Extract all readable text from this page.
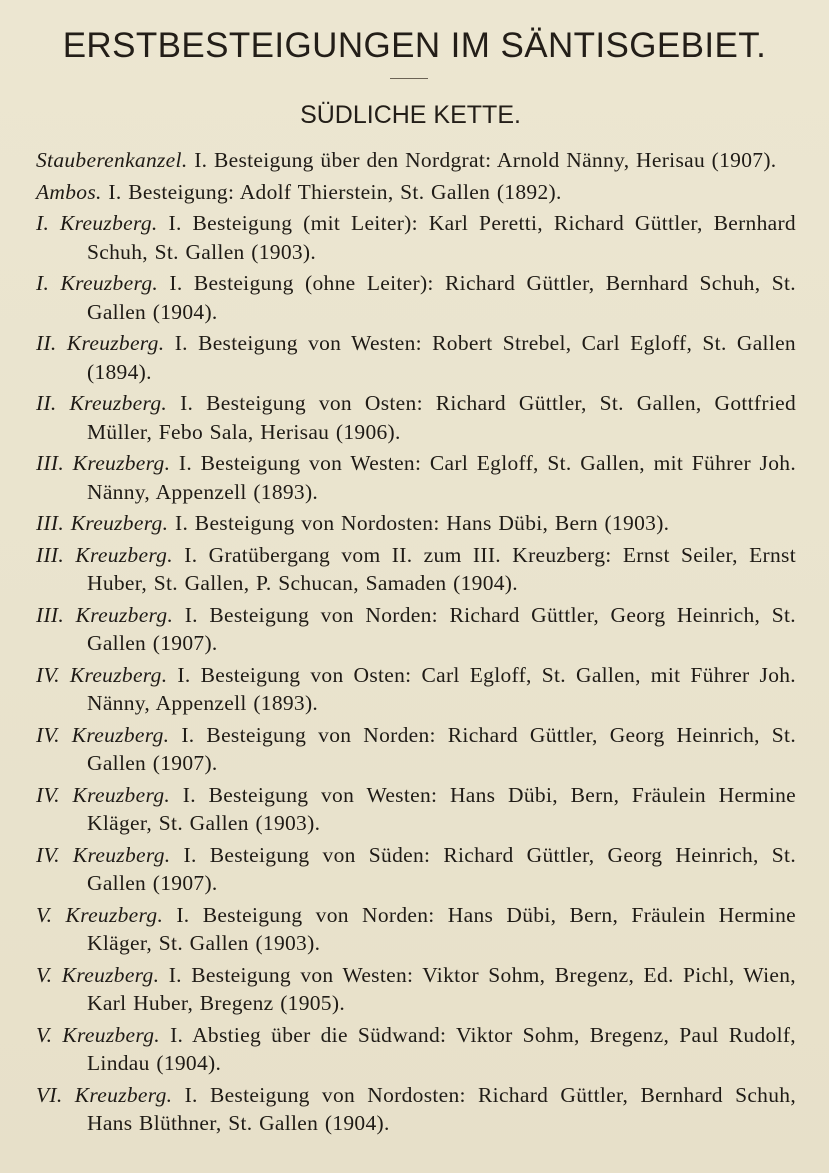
ERSTBESTEIGUNGEN IM SÄNTISGEBIET.
SÜDLICHE KETTE.
Stauberenkanzel. I. Besteigung über den Nordgrat: Arnold Nänny, Herisau (1907).
Ambos. I. Besteigung: Adolf Thierstein, St. Gallen (1892).
I. Kreuzberg. I. Besteigung (mit Leiter): Karl Peretti, Richard Güttler, Bernhard Schuh, St. Gallen (1903).
I. Kreuzberg. I. Besteigung (ohne Leiter): Richard Güttler, Bernhard Schuh, St. Gallen (1904).
II. Kreuzberg. I. Besteigung von Westen: Robert Strebel, Carl Egloff, St. Gallen (1894).
II. Kreuzberg. I. Besteigung von Osten: Richard Güttler, St. Gallen, Gottfried Müller, Febo Sala, Herisau (1906).
III. Kreuzberg. I. Besteigung von Westen: Carl Egloff, St. Gallen, mit Führer Joh. Nänny, Appenzell (1893).
III. Kreuzberg. I. Besteigung von Nordosten: Hans Dübi, Bern (1903).
III. Kreuzberg. I. Gratübergang vom II. zum III. Kreuzberg: Ernst Seiler, Ernst Huber, St. Gallen, P. Schucan, Samaden (1904).
III. Kreuzberg. I. Besteigung von Norden: Richard Güttler, Georg Heinrich, St. Gallen (1907).
IV. Kreuzberg. I. Besteigung von Osten: Carl Egloff, St. Gallen, mit Führer Joh. Nänny, Appenzell (1893).
IV. Kreuzberg. I. Besteigung von Norden: Richard Güttler, Georg Heinrich, St. Gallen (1907).
IV. Kreuzberg. I. Besteigung von Westen: Hans Dübi, Bern, Fräulein Hermine Kläger, St. Gallen (1903).
IV. Kreuzberg. I. Besteigung von Süden: Richard Güttler, Georg Heinrich, St. Gallen (1907).
V. Kreuzberg. I. Besteigung von Norden: Hans Dübi, Bern, Fräulein Hermine Kläger, St. Gallen (1903).
V. Kreuzberg. I. Besteigung von Westen: Viktor Sohm, Bregenz, Ed. Pichl, Wien, Karl Huber, Bregenz (1905).
V. Kreuzberg. I. Abstieg über die Südwand: Viktor Sohm, Bregenz, Paul Rudolf, Lindau (1904).
VI. Kreuzberg. I. Besteigung von Nordosten: Richard Güttler, Bernhard Schuh, Hans Blüthner, St. Gallen (1904).
